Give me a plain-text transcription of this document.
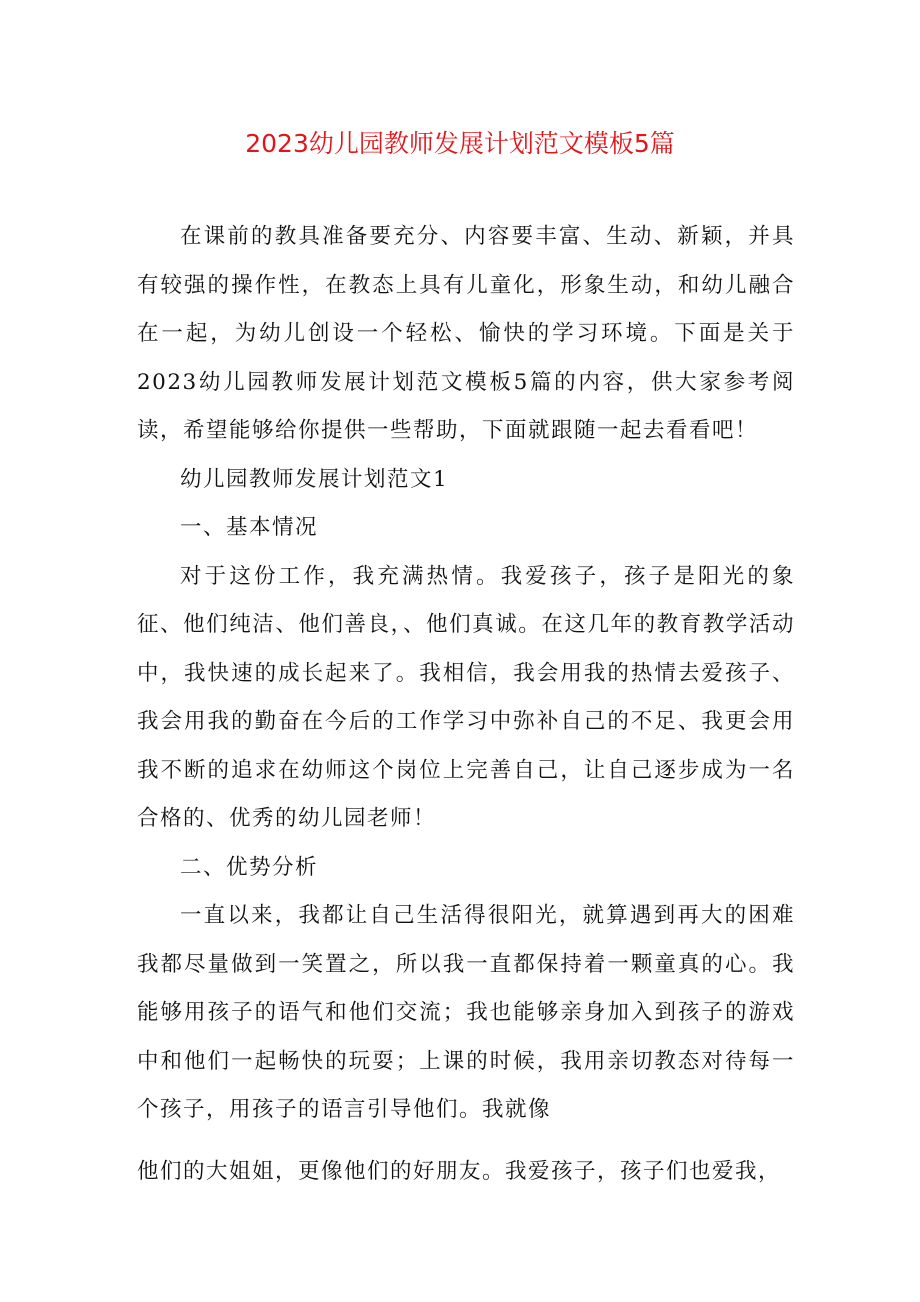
2023幼儿园教师发展计划范文模板5篇

在课前的教具准备要充分、内容要丰富、生动、新颖，并具有较强的操作性，在教态上具有儿童化，形象生动，和幼儿融合在一起，为幼儿创设一个轻松、愉快的学习环境。下面是关于2023幼儿园教师发展计划范文模板5篇的内容，供大家参考阅读，希望能够给你提供一些帮助，下面就跟随一起去看看吧！

幼儿园教师发展计划范文1

一、基本情况

对于这份工作，我充满热情。我爱孩子，孩子是阳光的象征、他们纯洁、他们善良，、他们真诚。在这几年的教育教学活动中，我快速的成长起来了。我相信，我会用我的热情去爱孩子、我会用我的勤奋在今后的工作学习中弥补自己的不足、我更会用我不断的追求在幼师这个岗位上完善自己，让自己逐步成为一名合格的、优秀的幼儿园老师！

二、优势分析

一直以来，我都让自己生活得很阳光，就算遇到再大的困难我都尽量做到一笑置之，所以我一直都保持着一颗童真的心。我能够用孩子的语气和他们交流；我也能够亲身加入到孩子的游戏中和他们一起畅快的玩耍；上课的时候，我用亲切教态对待每一个孩子，用孩子的语言引导他们。我就像

他们的大姐姐，更像他们的好朋友。我爱孩子，孩子们也爱我，
